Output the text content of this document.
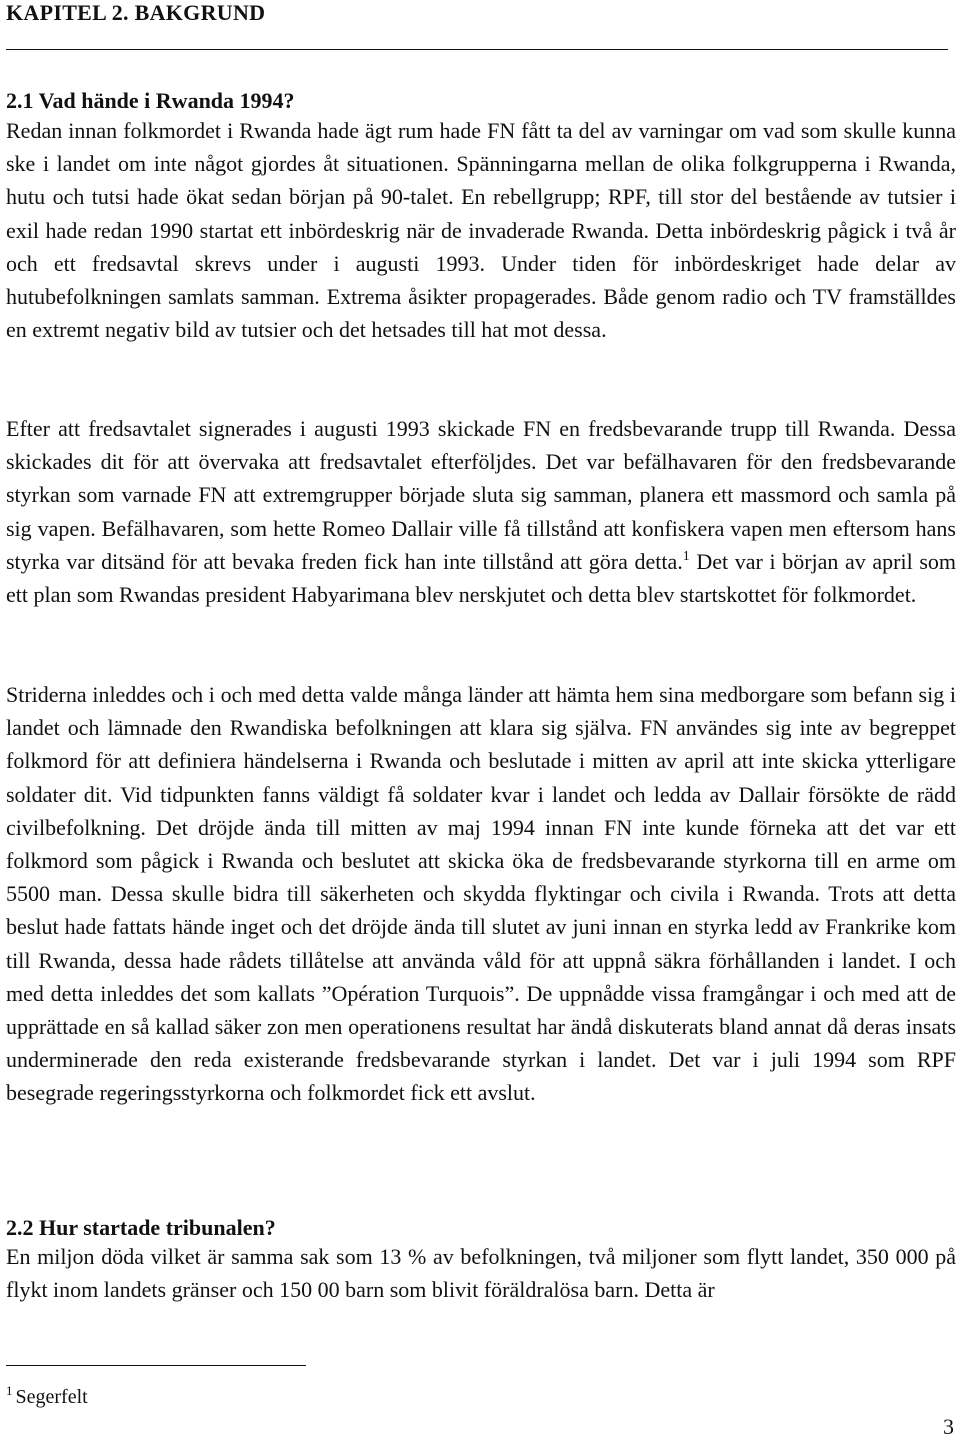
KAPITEL 2. BAKGRUND
2.1 Vad hände i Rwanda 1994?

Redan innan folkmordet i Rwanda hade ägt rum hade FN fått ta del av varningar om vad som skulle kunna ske i landet om inte något gjordes åt situationen. Spänningarna mellan de olika folkgrupperna i Rwanda, hutu och tutsi hade ökat sedan början på 90-talet. En rebellgrupp; RPF, till stor del bestående av tutsier i exil hade redan 1990 startat ett inbördeskrig när de invaderade Rwanda. Detta inbördeskrig pågick i två år och ett fredsavtal skrevs under i augusti 1993. Under tiden för inbördeskriget hade delar av hutubefolkningen samlats samman. Extrema åsikter propagerades. Både genom radio och TV framställdes en extremt negativ bild av tutsier och det hetsades till hat mot dessa.

Efter att fredsavtalet signerades i augusti 1993 skickade FN en fredsbevarande trupp till Rwanda. Dessa skickades dit för att övervaka att fredsavtalet efterföljdes. Det var befälhavaren för den fredsbevarande styrkan som varnade FN att extremgrupper började sluta sig samman, planera ett massmord och samla på sig vapen. Befälhavaren, som hette Romeo Dallair ville få tillstånd att konfiskera vapen men eftersom hans styrka var ditsänd för att bevaka freden fick han inte tillstånd att göra detta.$^1$ Det var i början av april som ett plan som Rwandas president Habyarimana blev nerskjutet och detta blev startskottet för folkmordet.

Striderna inleddes och i och med detta valde många länder att hämta hem sina medborgare som befann sig i landet och lämnade den Rwandiska befolkningen att klara sig själva. FN användes sig inte av begreppet folkmord för att definiera händelserna i Rwanda och beslutade i mitten av april att inte skicka ytterligare soldater dit. Vid tidpunkten fanns väldigt få soldater kvar i landet och ledda av Dallair försökte de rädd civilbefolkning. Det dröjde ända till mitten av maj 1994 innan FN inte kunde förneka att det var ett folkmord som pågick i Rwanda och beslutet att skicka öka de fredsbevarande styrkorna till en arme om 5500 man. Dessa skulle bidra till säkerheten och skydda flyktingar och civila i Rwanda. Trots att detta beslut hade fattats hände inget och det dröjde ända till slutet av juni innan en styrka ledd av Frankrike kom till Rwanda, dessa hade rådets tillåtelse att använda våld för att uppnå säkra förhållanden i landet. I och med detta inleddes det som kallats ”Opération Turquois”. De uppnådde vissa framgångar i och med att de upprättade en så kallad säker zon men operationens resultat har ändå diskuterats bland annat då deras insats underminerade den reda existerande fredsbevarande styrkan i landet. Det var i juli 1994 som RPF besegrade regeringsstyrkorna och folkmordet fick ett avslut.

2.2 Hur startade tribunalen?

En miljon döda vilket är samma sak som 13 % av befolkningen, två miljoner som flytt landet, 350 000 på flykt inom landets gränser och 150 00 barn som blivit föräldralösa barn. Detta är

$^1$ Segerfelt
3
